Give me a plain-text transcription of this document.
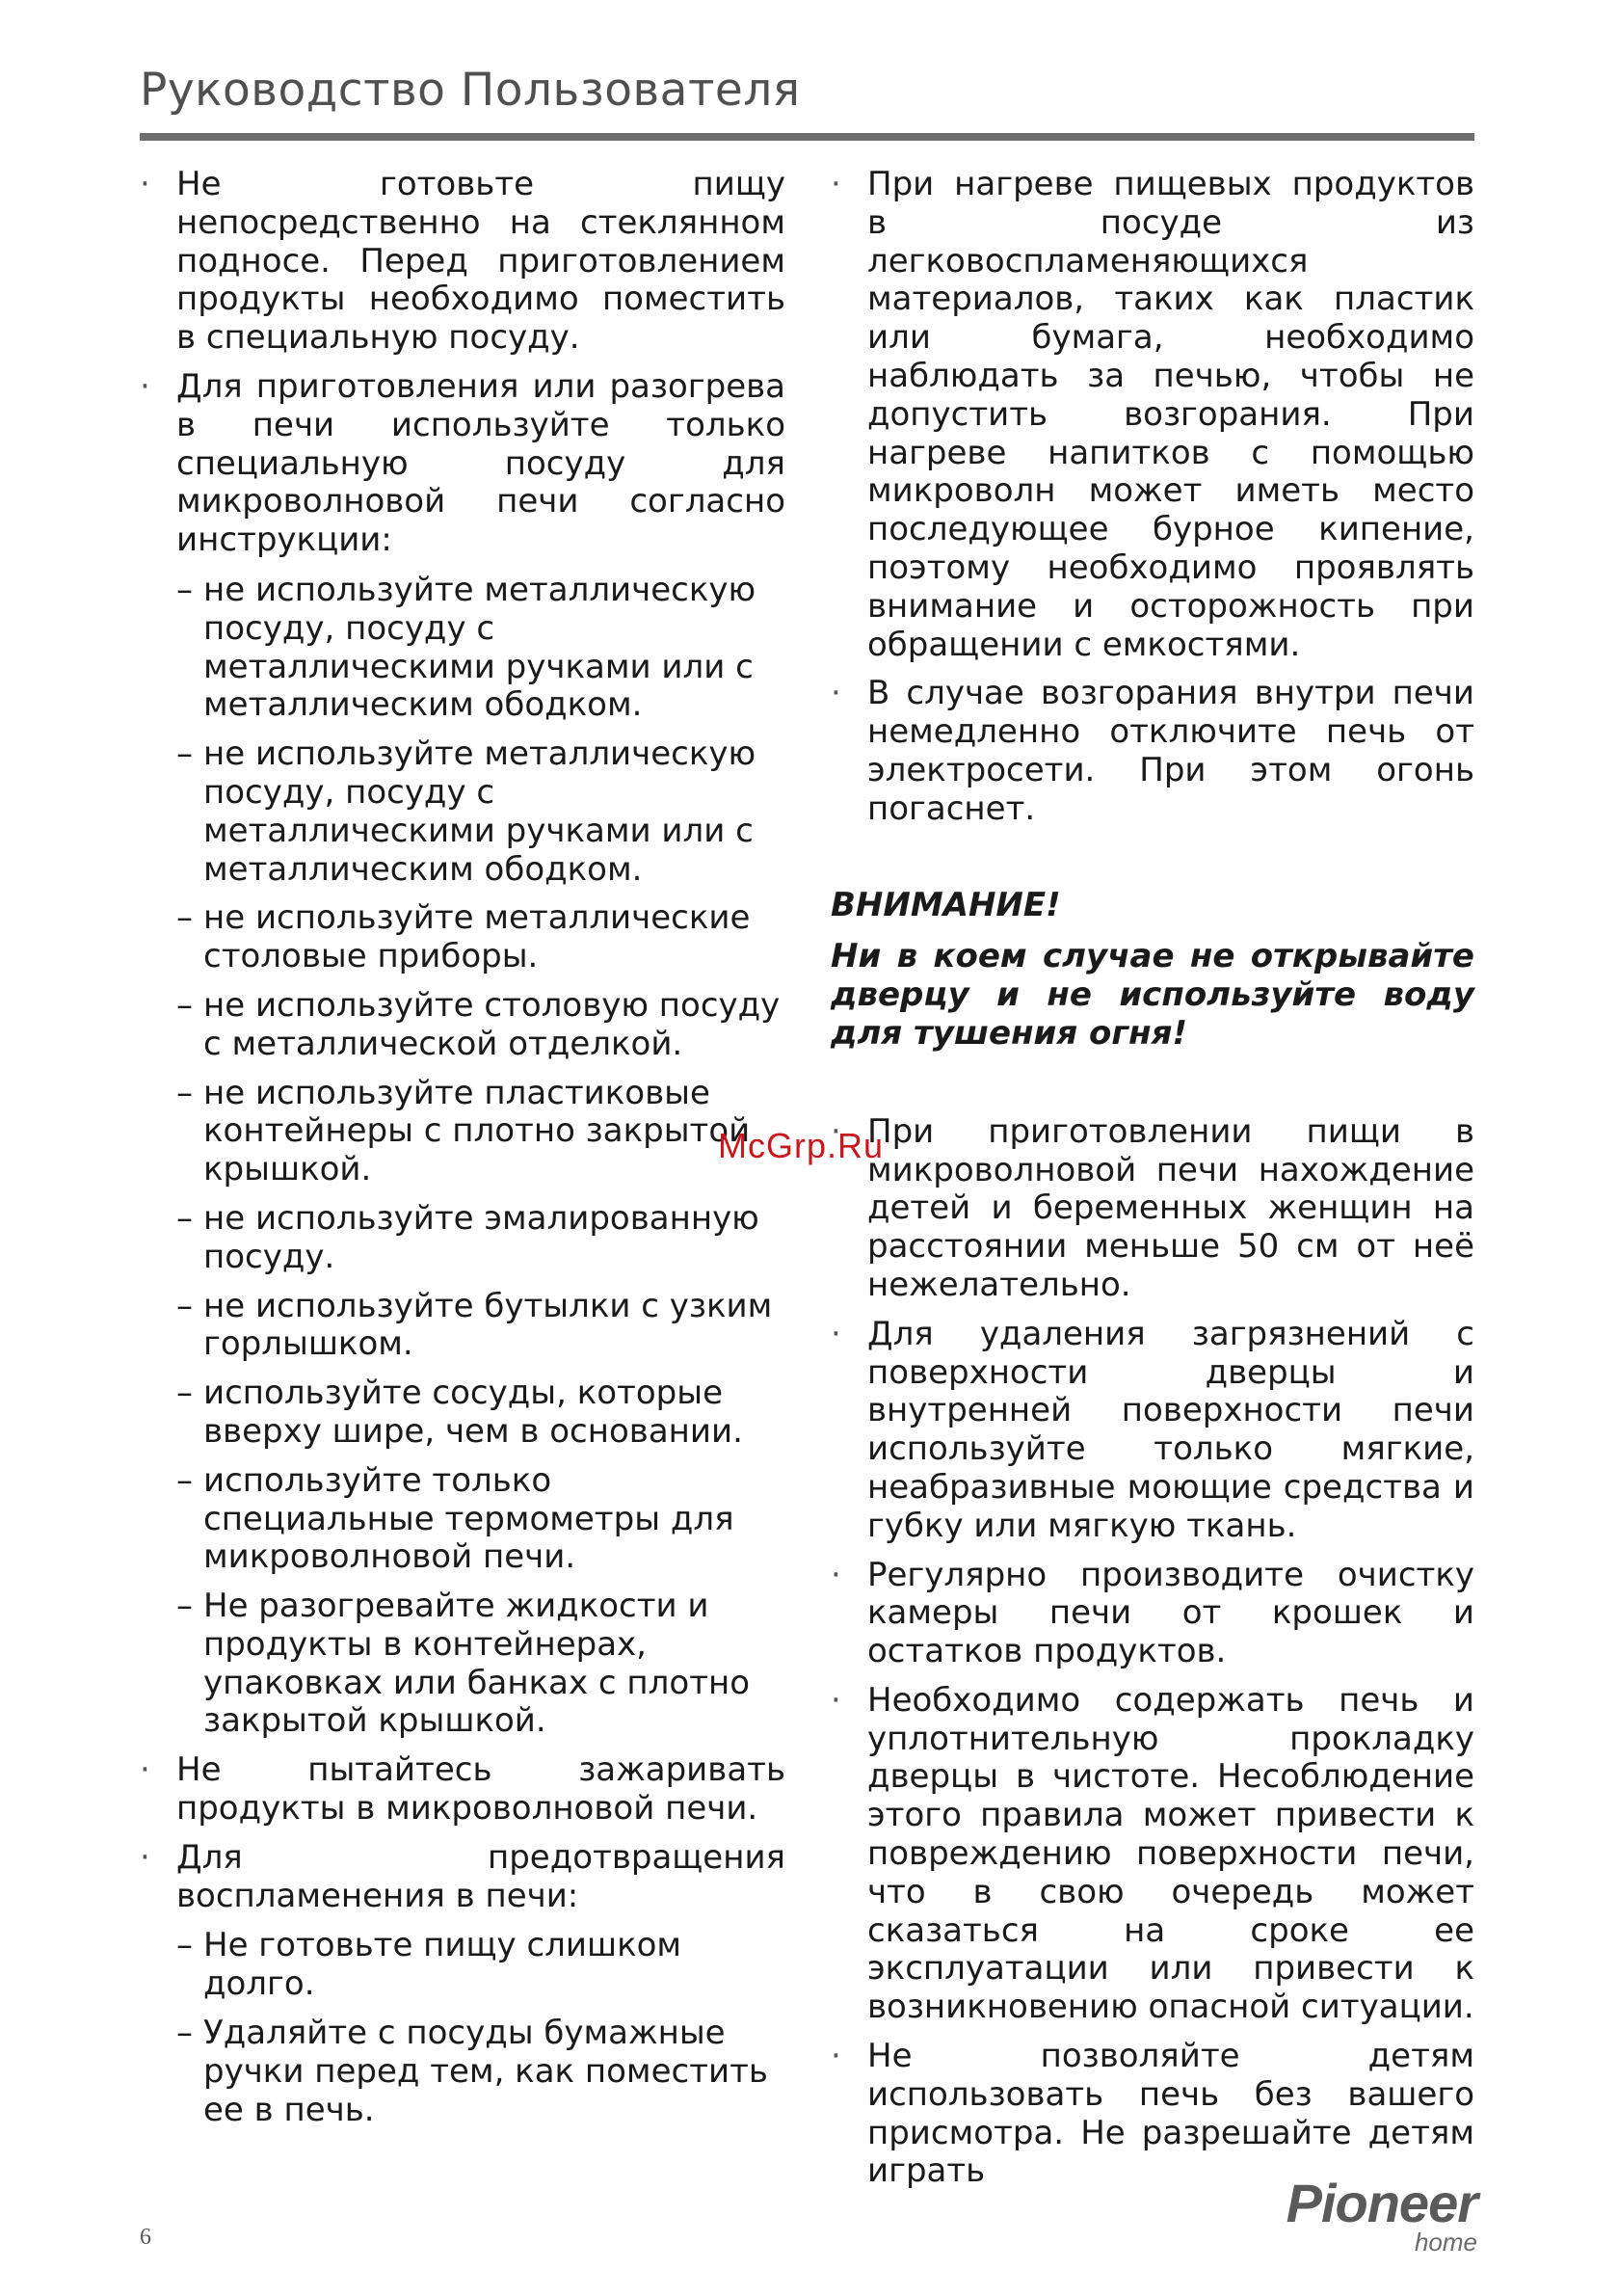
Руководство Пользователя
· Не готовьте пищу непосредственно на стеклянном подносе. Перед приготовлением продукты необходимо поместить в специальную посуду.
· Для приготовления или разогрева в печи используйте только специальную посуду для микроволновой печи согласно инструкции:
– не используйте металлическую посуду, посуду с металлическими ручками или с металлическим ободком.
– не используйте металлическую посуду, посуду с металлическими ручками или с металлическим ободком.
– не используйте металлические столовые приборы.
– не используйте столовую посуду с металлической отделкой.
– не используйте пластиковые контейнеры с плотно закрытой крышкой.
– не используйте эмалированную посуду.
– не используйте бутылки с узким горлышком.
– используйте сосуды, которые вверху шире, чем в основании.
– используйте только специальные термометры для микроволновой печи.
– Не разогревайте жидкости и продукты в контейнерах, упаковках или банках с плотно закрытой крышкой.
· Не пытайтесь зажаривать продукты в микроволновой печи.
· Для предотвращения воспламенения в печи:
– Не готовьте пищу слишком долго.
– Удаляйте с посуды бумажные ручки перед тем, как поместить ее в печь.
· При нагреве пищевых продуктов в посуде из легковоспламеняющихся материалов, таких как пластик или бумага, необходимо наблюдать за печью, чтобы не допустить возгорания. При нагреве напитков с помощью микроволн может иметь место последующее бурное кипение, поэтому необходимо проявлять внимание и осторожность при обращении с емкостями.
· В случае возгорания внутри печи немедленно отключите печь от электросети. При этом огонь погаснет.
ВНИМАНИЕ!
Ни в коем случае не открывайте дверцу и не используйте воду для тушения огня!
· При приготовлении пищи в микроволновой печи нахождение детей и беременных женщин на расстоянии меньше 50 см от неё нежелательно.
· Для удаления загрязнений с поверхности дверцы и внутренней поверхности печи используйте только мягкие, неабразивные моющие средства и губку или мягкую ткань.
· Регулярно производите очистку камеры печи от крошек и остатков продуктов.
· Необходимо содержать печь и уплотнительную прокладку дверцы в чистоте. Несоблюдение этого правила может привести к повреждению поверхности печи, что в свою очередь может сказаться на сроке ее эксплуатации или привести к возникновению опасной ситуации.
· Не позволяйте детям использовать печь без вашего присмотра. Не разрешайте детям играть
McGrp.Ru
6
Pioneer
home
